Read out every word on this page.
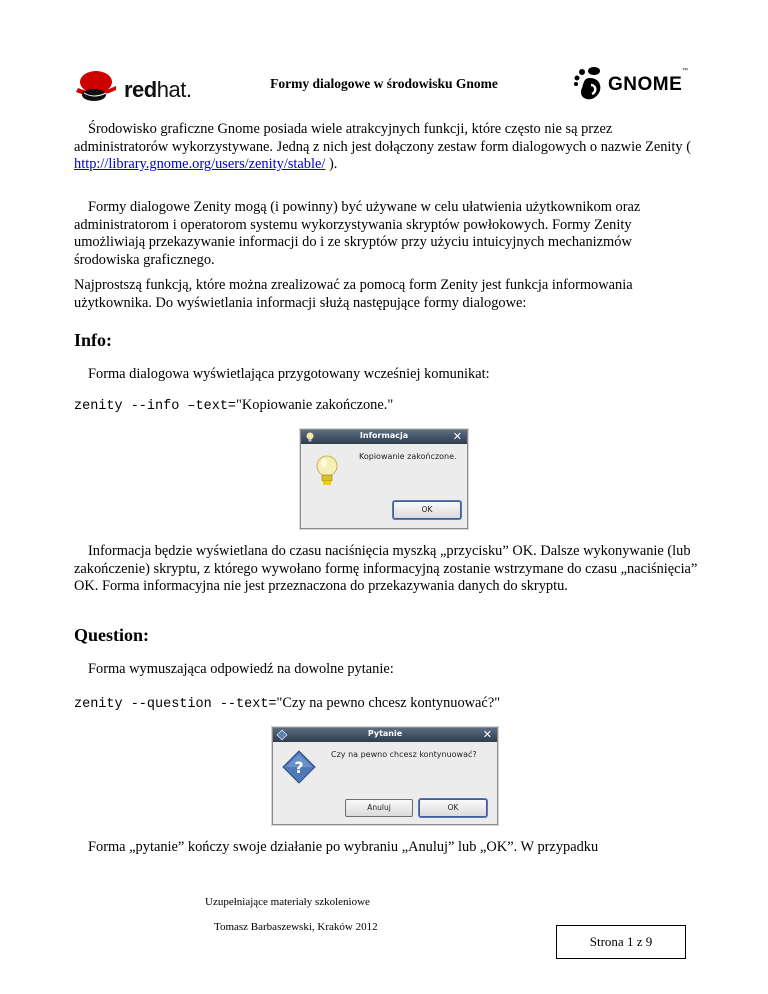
redhat.	Formy dialogowe w środowisku Gnome	GNOME
™
Środowisko graficzne Gnome posiada wiele atrakcyjnych funkcji, które często nie są przez administratorów wykorzystywane. Jedną z nich jest dołączony zestaw form dialogowych o nazwie Zenity ( http://library.gnome.org/users/zenity/stable/ ).
Formy dialogowe Zenity mogą (i powinny) być używane w celu ułatwienia użytkownikom oraz administratorom i operatorom systemu wykorzystywania skryptów powłokowych. Formy Zenity umożliwiają przekazywanie informacji do i ze skryptów przy użyciu intuicyjnych mechanizmów środowiska graficznego.
Najprostszą funkcją, które można zrealizować za pomocą form Zenity jest funkcja informowania użytkownika. Do wyświetlania informacji służą następujące formy dialogowe:
Info:
Forma dialogowa wyświetlająca przygotowany wcześniej komunikat:
zenity --info –text="Kopiowanie zakończone."
Informacja	✕
Kopiowanie zakończone.
OK
Informacja będzie wyświetlana do czasu naciśnięcia myszką „przycisku” OK. Dalsze wykonywanie (lub zakończenie) skryptu, z którego wywołano formę informacyjną zostanie wstrzymane do czasu „naciśnięcia” OK. Forma informacyjna nie jest przeznaczona do przekazywania danych do skryptu.
Question:
Forma wymuszająca odpowiedź na dowolne pytanie:
zenity --question --text="Czy na pewno chcesz kontynuować?"
Pytanie	✕
?
Czy na pewno chcesz kontynuować?
Anuluj	OK
Forma „pytanie” kończy swoje działanie po wybraniu „Anuluj” lub „OK”. W przypadku
Uzupełniające materiały szkoleniowe
Tomasz Barbaszewski, Kraków 2012
Strona 1 z 9
